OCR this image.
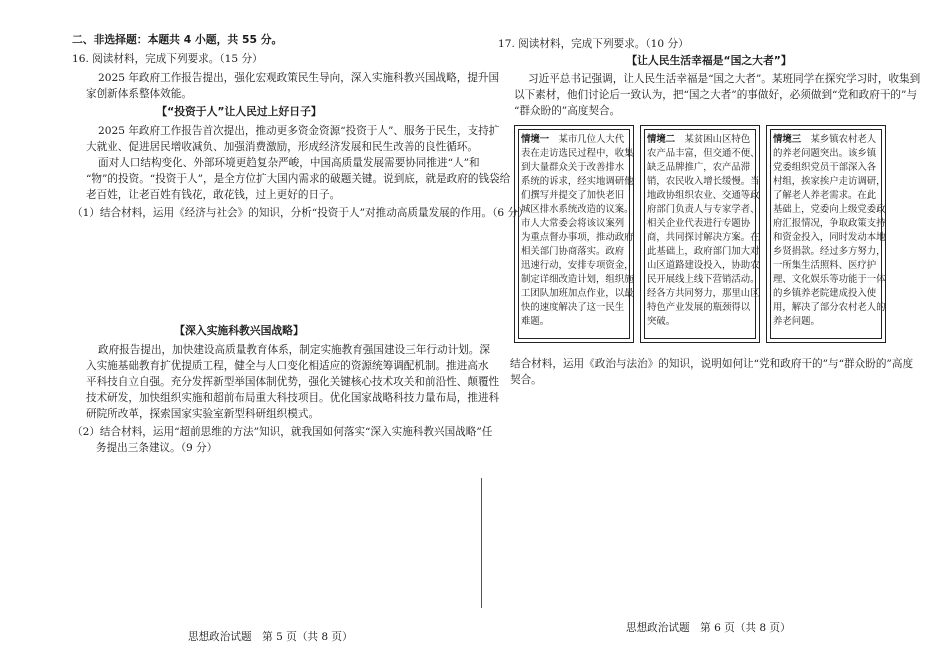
二、非选择题：本题共 4 小题，共 55 分。
16. 阅读材料，完成下列要求。（15 分）
2025 年政府工作报告提出，强化宏观政策民生导向，深入实施科教兴国战略，提升国
家创新体系整体效能。
【“投资于人”让人民过上好日子】
2025 年政府工作报告首次提出，推动更多资金资源“投资于人”、服务于民生，支持扩
大就业、促进居民增收减负、加强消费激励，形成经济发展和民生改善的良性循环。
面对人口结构变化、外部环境更趋复杂严峻，中国高质量发展需要协同推进“人”和
“物”的投资。“投资于人”，是全方位扩大国内需求的破题关键。说到底，就是政府的钱袋给
老百姓，让老百姓有钱花，敢花钱，过上更好的日子。
（1）结合材料，运用《经济与社会》的知识，分析“投资于人”对推动高质量发展的作用。（6 分）
【深入实施科教兴国战略】
政府报告提出，加快建设高质量教育体系，制定实施教育强国建设三年行动计划。深
入实施基础教育扩优提质工程，健全与人口变化相适应的资源统筹调配机制。推进高水
平科技自立自强。充分发挥新型举国体制优势，强化关键核心技术攻关和前沿性、颠覆性
技术研发，加快组织实施和超前布局重大科技项目。优化国家战略科技力量布局，推进科
研院所改革，探索国家实验室新型科研组织模式。
（2）结合材料，运用“超前思维的方法”知识，就我国如何落实“深入实施科教兴国战略”任
务提出三条建议。（9 分）
思想政治试题　第 5 页（共 8 页）
17. 阅读材料，完成下列要求。（10 分）
【让人民生活幸福是“国之大者”】
习近平总书记强调，让人民生活幸福是“国之大者”。某班同学在探究学习时，收集到
以下素材，他们讨论后一致认为，把“国之大者”的事做好，必须做到“党和政府干的”与
“群众盼的”高度契合。
情境一　 某市几位人大代
表在走访选民过程中，收集
到大量群众关于改善排水
系统的诉求，经实地调研他
们撰写并提交了加快老旧
城区排水系统改造的议案。
市人大常委会将该议案列
为重点督办事项，推动政府
相关部门协商落实。政府
迅速行动，安排专项资金，
制定详细改造计划，组织施
工团队加班加点作业，以最
快的速度解决了这一民生
难题。
情境二　 某贫困山区特色
农产品丰富，但交通不便、
缺乏品牌推广，农产品滞
销，农民收入增长缓慢。当
地政协组织农业、交通等政
府部门负责人与专家学者、
相关企业代表进行专题协
商，共同探讨解决方案。在
此基础上，政府部门加大对
山区道路建设投入，协助农
民开展线上线下营销活动。
经各方共同努力，那里山区
特色产业发展的瓶颈得以
突破。
情境三　 某乡镇农村老人
的养老问题突出。该乡镇
党委组织党员干部深入各
村组，挨家挨户走访调研，
了解老人养老需求。在此
基础上，党委向上级党委政
府汇报情况，争取政策支持
和资金投入，同时发动本地
乡贤捐款。经过多方努力，
一所集生活照料、医疗护
理、文化娱乐等功能于一体
的乡镇养老院建成投入使
用，解决了部分农村老人的
养老问题。
结合材料，运用《政治与法治》的知识，说明如何让“党和政府干的”与“群众盼的”高度
契合。
思想政治试题　第 6 页（共 8 页）
